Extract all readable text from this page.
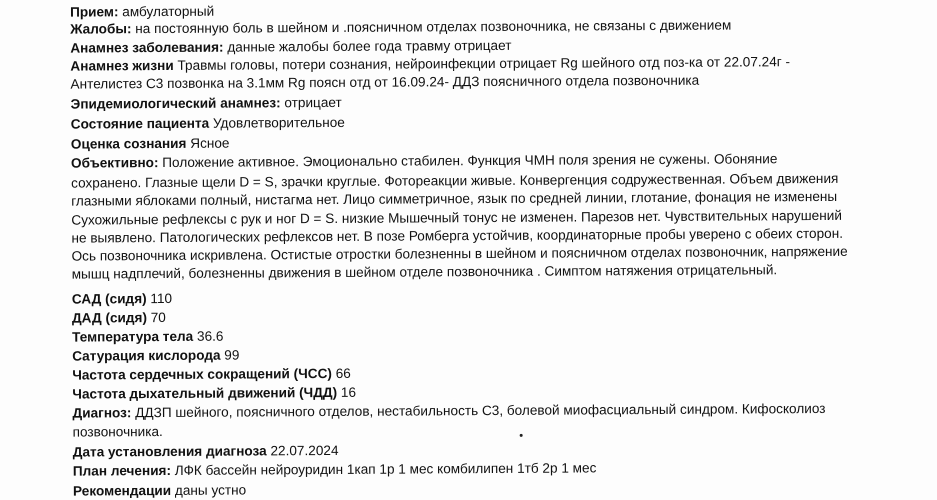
Прием: амбулаторный
Жалобы: на постоянную боль в шейном и .поясничном отделах позвоночника, не связаны с движением
Анамнез заболевания: данные жалобы более года травму отрицает
Анамнез жизни Травмы головы, потери сознания, нейроинфекции отрицает Rg шейного отд поз-ка от 22.07.24г -
Антелистез С3 позвонка на 3.1мм Rg поясн отд от 16.09.24- ДДЗ поясничного отдела позвоночника
Эпидемиологический анамнез: отрицает
Состояние пациента Удовлетворительное
Оценка сознания Ясное
Объективно: Положение активное. Эмоционально стабилен. Функция ЧМН поля зрения не сужены. Обоняние
сохранено. Глазные щели D = S, зрачки круглые. Фотореакции живые. Конвергенция содружественная. Объем движения
глазными яблоками полный, нистагма нет. Лицо симметричное, язык по средней линии, глотание, фонация не изменены
Сухожильные рефлексы с рук и ног D = S. низкие Мышечный тонус не изменен. Парезов нет. Чувствительных нарушений
не выявлено. Патологических рефлексов нет. В позе Ромберга устойчив, координаторные пробы уверено с обеих сторон.
Ось позвоночника искривлена. Остистые отростки болезненны в шейном и поясничном отделах позвоночник, напряжение
мышц надплечий, болезненны движения в шейном отделе позвоночника . Симптом натяжения отрицательный.
САД (сидя) 110
ДАД (сидя) 70
Температура тела 36.6
Сатурация кислорода 99
Частота сердечных сокращений (ЧСС) 66
Частота дыхательный движений (ЧДД) 16
Диагноз: ДДЗП шейного, поясничного отделов, нестабильность С3, болевой миофасциальный синдром. Кифосколиоз
позвоночника.
Дата установления диагноза 22.07.2024
План лечения: ЛФК бассейн нейроуридин 1кап 1р 1 мес комбилипен 1тб 2р 1 мес
Рекомендации даны устно
